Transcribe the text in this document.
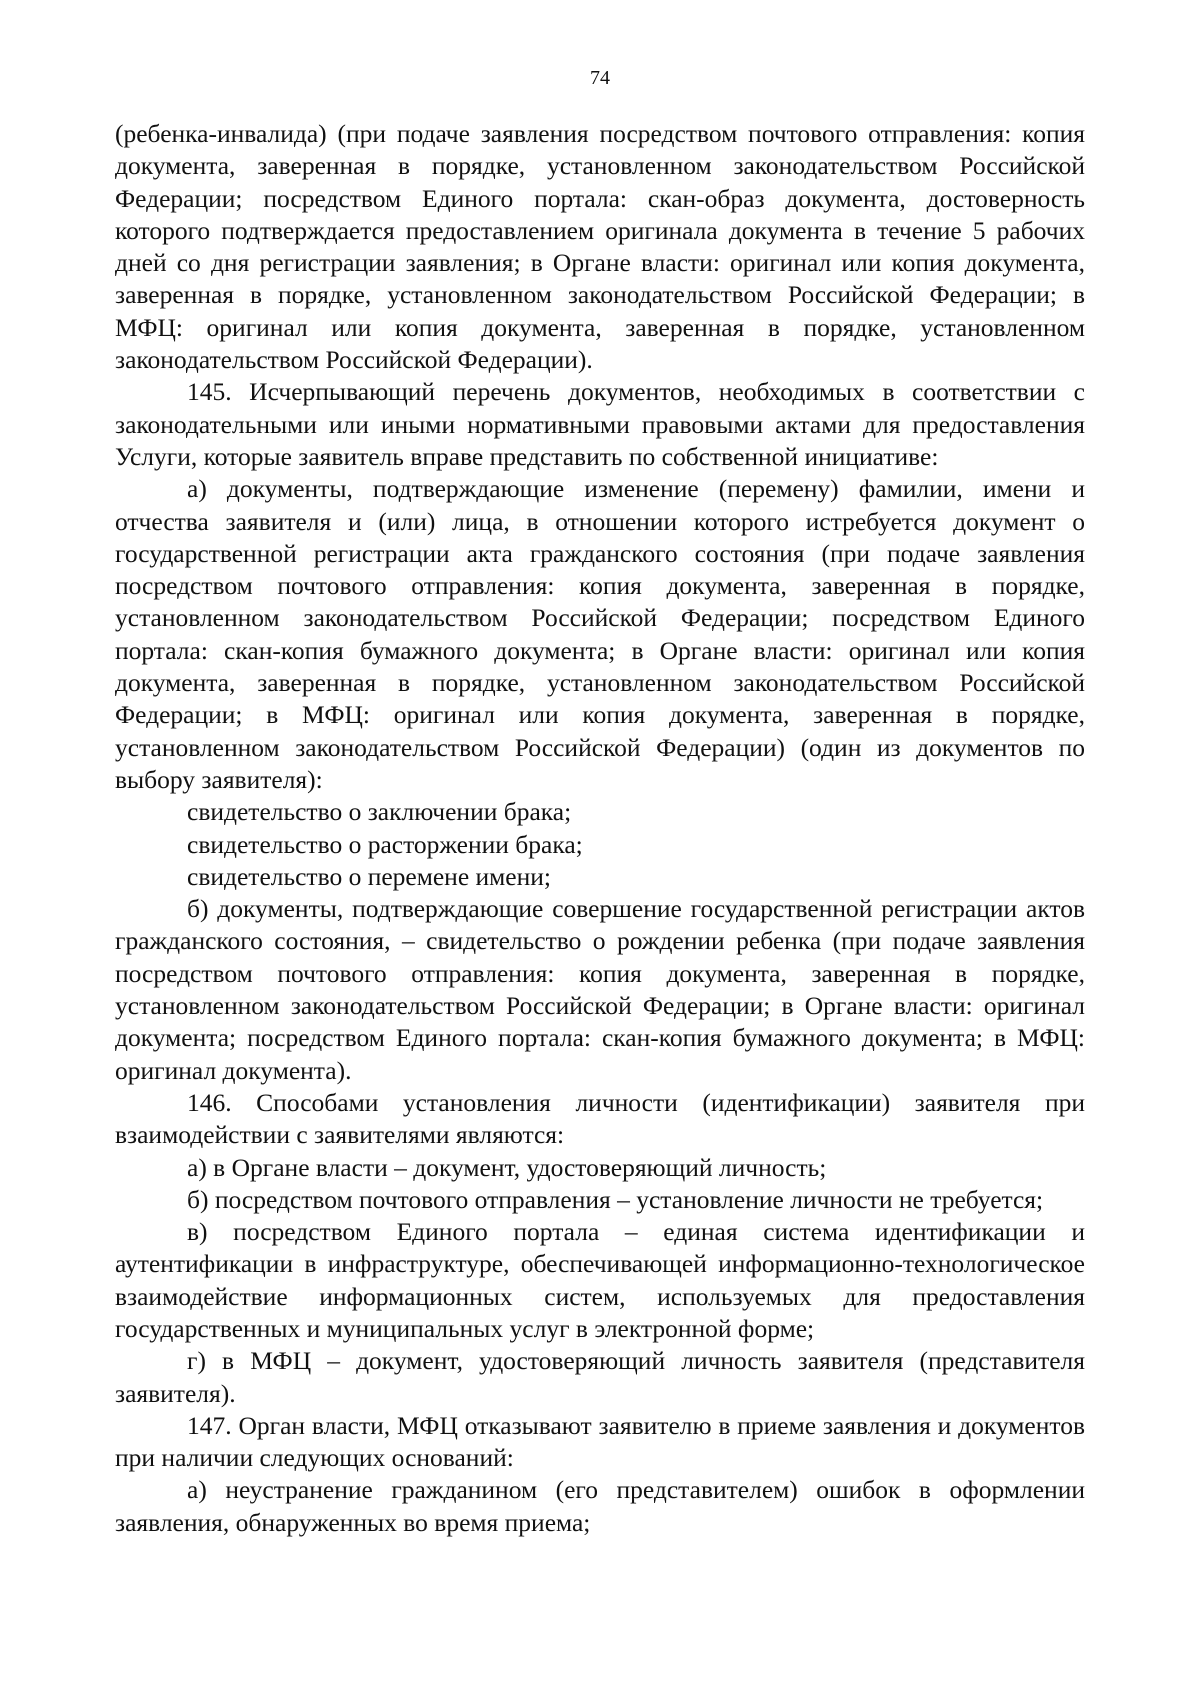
74

(ребенка-инвалида) (при подаче заявления посредством почтового отправления: копия документа, заверенная в порядке, установленном законодательством Российской Федерации; посредством Единого портала: скан-образ документа, достоверность которого подтверждается предоставлением оригинала документа в течение 5 рабочих дней со дня регистрации заявления; в Органе власти: оригинал или копия документа, заверенная в порядке, установленном законодательством Российской Федерации; в МФЦ: оригинал или копия документа, заверенная в порядке, установленном законодательством Российской Федерации).

145. Исчерпывающий перечень документов, необходимых в соответствии с законодательными или иными нормативными правовыми актами для предоставления Услуги, которые заявитель вправе представить по собственной инициативе:

а) документы, подтверждающие изменение (перемену) фамилии, имени и отчества заявителя и (или) лица, в отношении которого истребуется документ о государственной регистрации акта гражданского состояния (при подаче заявления посредством почтового отправления: копия документа, заверенная в порядке, установленном законодательством Российской Федерации; посредством Единого портала: скан-копия бумажного документа; в Органе власти: оригинал или копия документа, заверенная в порядке, установленном законодательством Российской Федерации; в МФЦ: оригинал или копия документа, заверенная в порядке, установленном законодательством Российской Федерации) (один из документов по выбору заявителя):

свидетельство о заключении брака;

свидетельство о расторжении брака;

свидетельство о перемене имени;

б) документы, подтверждающие совершение государственной регистрации актов гражданского состояния, – свидетельство о рождении ребенка (при подаче заявления посредством почтового отправления: копия документа, заверенная в порядке, установленном законодательством Российской Федерации; в Органе власти: оригинал документа; посредством Единого портала: скан-копия бумажного документа; в МФЦ: оригинал документа).

146. Способами установления личности (идентификации) заявителя при взаимодействии с заявителями являются:

а) в Органе власти – документ, удостоверяющий личность;

б) посредством почтового отправления – установление личности не требуется;

в) посредством Единого портала – единая система идентификации и аутентификации в инфраструктуре, обеспечивающей информационно-технологическое взаимодействие информационных систем, используемых для предоставления государственных и муниципальных услуг в электронной форме;

г) в МФЦ – документ, удостоверяющий личность заявителя (представителя заявителя).

147. Орган власти, МФЦ отказывают заявителю в приеме заявления и документов при наличии следующих оснований:

а) неустранение гражданином (его представителем) ошибок в оформлении заявления, обнаруженных во время приема;
